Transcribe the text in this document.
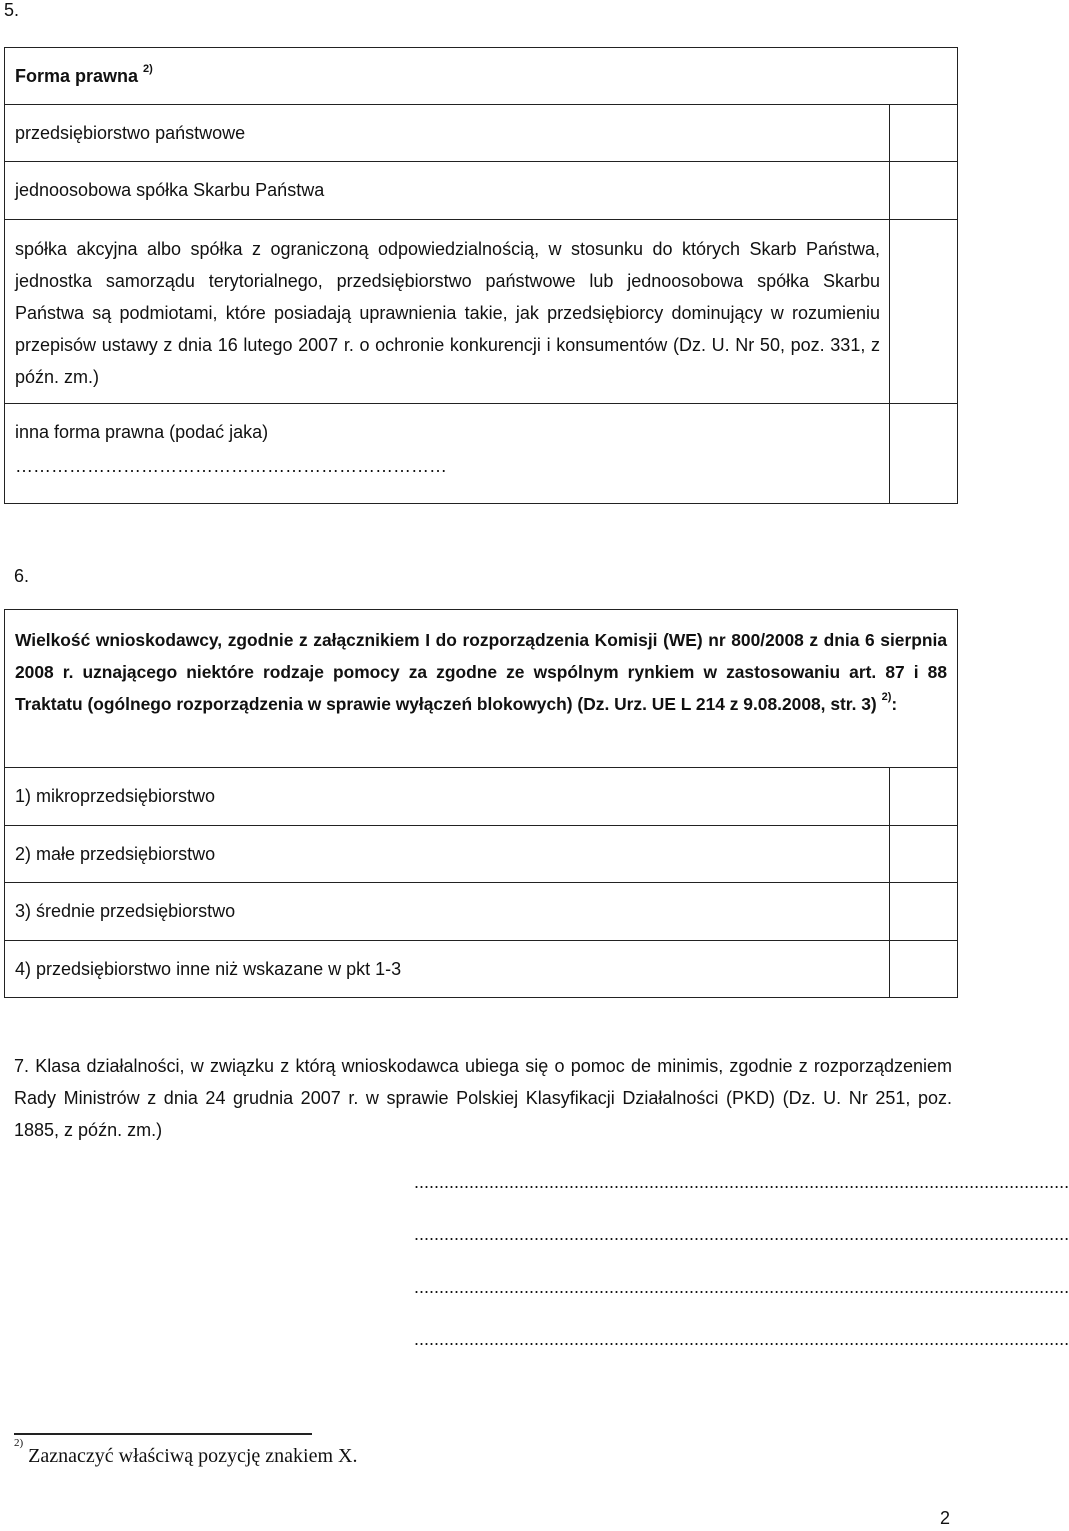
5.
Forma prawna $^{2)}$

przedsiębiorstwo państwowe	

jednoosobowa spółka Skarbu Państwa	

spółka akcyjna albo spółka z ograniczoną odpowiedzialnością, w stosunku do których Skarb Państwa, jednostka samorządu terytorialnego, przedsiębiorstwo państwowe lub jednoosobowa spółka Skarbu Państwa są podmiotami, które posiadają uprawnienia takie, jak przedsiębiorcy dominujący w rozumieniu przepisów ustawy z dnia 16 lutego 2007 r. o ochronie konkurencji i konsumentów (Dz. U. Nr 50, poz. 331, z późn. zm.)	

inna forma prawna (podać jaka)
………………………………………………………………	

6.
Wielkość wnioskodawcy, zgodnie z załącznikiem I do rozporządzenia Komisji (WE) nr 800/2008 z dnia 6 sierpnia 2008 r. uznającego niektóre rodzaje pomocy za zgodne ze wspólnym rynkiem w zastosowaniu art. 87 i 88 Traktatu (ogólnego rozporządzenia w sprawie wyłączeń blokowych) (Dz. Urz. UE L 214 z 9.08.2008, str. 3) $^{2)}$:	

1) mikroprzedsiębiorstwo	

2) małe przedsiębiorstwo	

3) średnie przedsiębiorstwo	

4) przedsiębiorstwo inne niż wskazane w pkt 1-3	

7. Klasa działalności, w związku z którą wnioskodawca ubiega się o pomoc de minimis, zgodnie z rozporządzeniem Rady Ministrów z dnia 24 grudnia 2007 r. w sprawie Polskiej Klasyfikacji Działalności (PKD) (Dz. U. Nr 251, poz. 1885, z późn. zm.)
...................................................................................................................................
...................................................................................................................................
...................................................................................................................................
...................................................................................................................................
$^{2)}$ Zaznaczyć właściwą pozycję znakiem X.
2
